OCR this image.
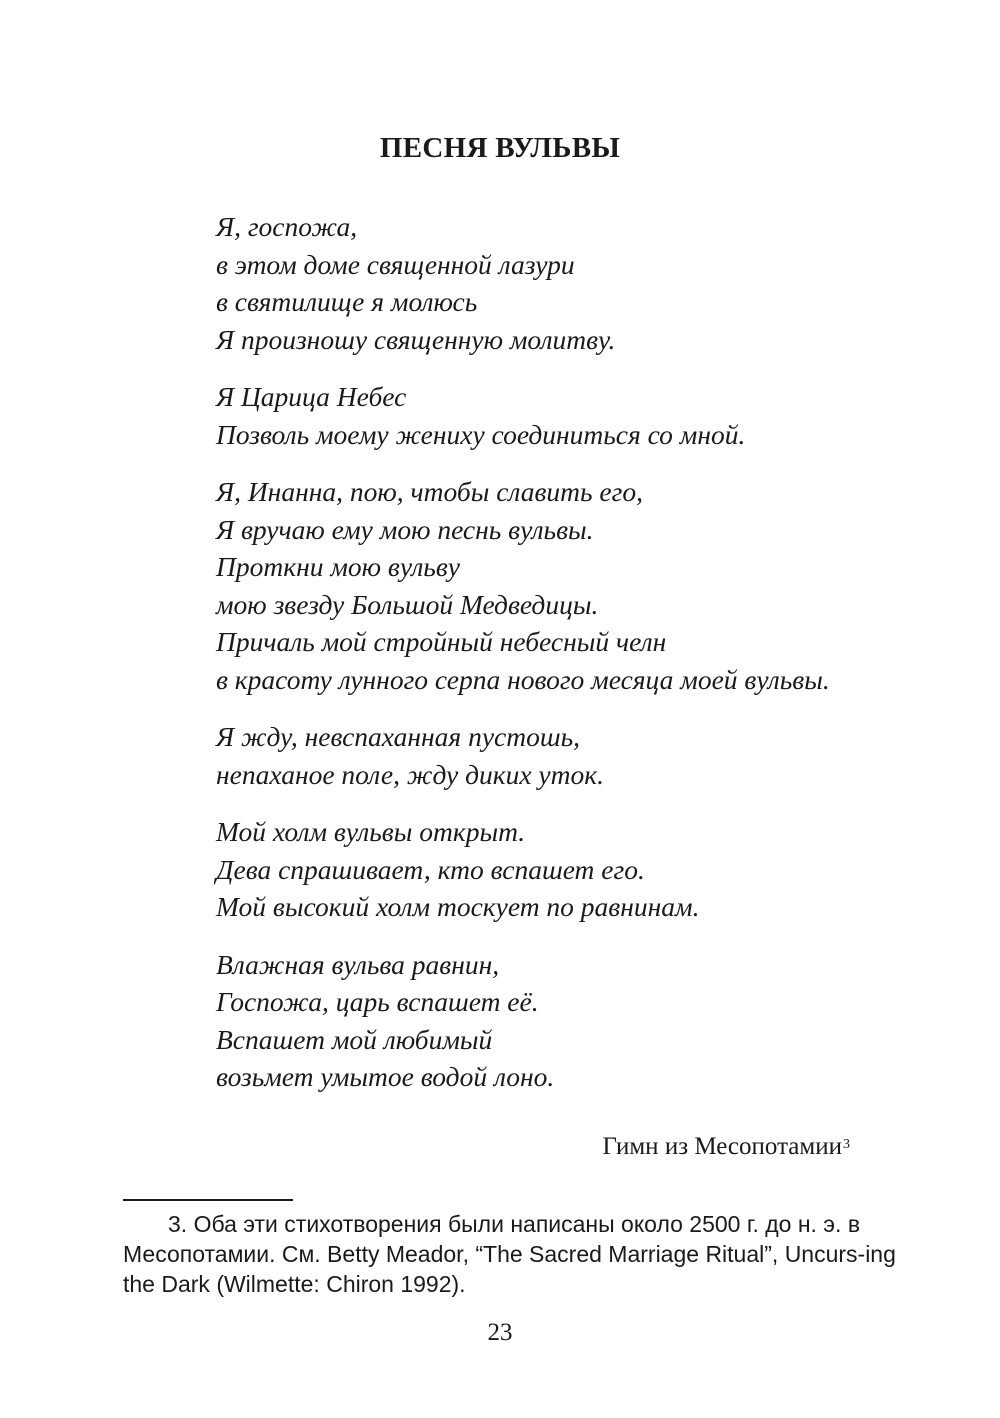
ПЕСНЯ ВУЛЬВЫ
Я, госпожа,
в этом доме священной лазури
в святилище я молюсь
Я произношу священную молитву.
Я Царица Небес
Позволь моему жениху соединиться со мной.
Я, Инанна, пою, чтобы славить его,
Я вручаю ему мою песнь вульвы.
Проткни мою вульву
мою звезду Большой Медведицы.
Причаль мой стройный небесный челн
в красоту лунного серпа нового месяца моей вульвы.
Я жду, невспаханная пустошь,
непаханое поле, жду диких уток.
Мой холм вульвы открыт.
Дева спрашивает, кто вспашет его.
Мой высокий холм тоскует по равнинам.
Влажная вульва равнин,
Госпожа, царь вспашет её.
Вспашет мой любимый
возьмет умытое водой лоно.
Гимн из Месопотамии$^3$

3. Оба эти стихотворения были написаны около 2500 г. до н. э. в Месопотамии. См. Betty Meador, “The Sacred Marriage Ritual”, Uncurs-ing the Dark (Wilmette: Chiron 1992).

23
